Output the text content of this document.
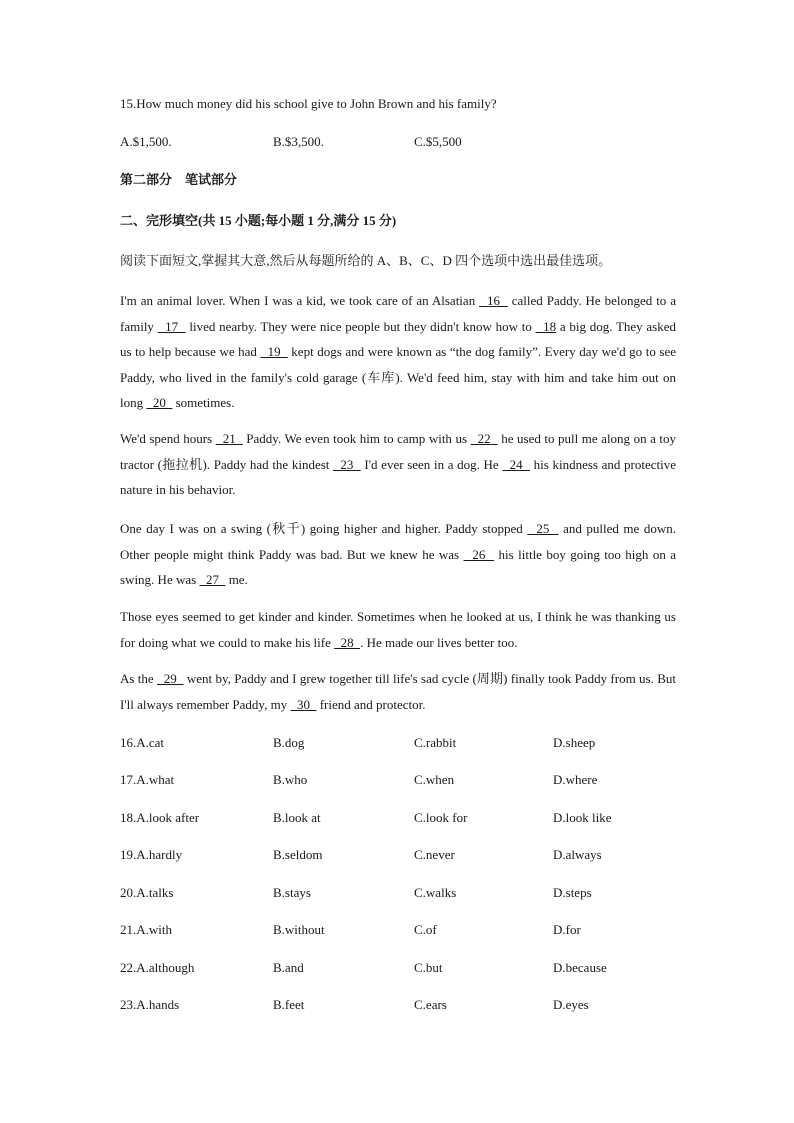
15.How much money did his school give to John Brown and his family?
A.$1,500.	B.$3,500.	C.$5,500
第二部分　笔试部分
二、完形填空(共 15 小题;每小题 1 分,满分 15 分)
阅读下面短文,掌握其大意,然后从每题所给的 A、B、C、D 四个选项中选出最佳选项。
I'm an animal lover. When I was a kid, we took care of an Alsatian   16   called Paddy. He belonged to a family   17   lived nearby. They were nice people but they didn't know how to   18 a big dog. They asked us to help because we had   19   kept dogs and were known as “the dog family”. Every day we'd go to see Paddy, who lived in the family's cold garage (车库). We'd feed him, stay with him and take him out on long   20   sometimes.
We'd spend hours   21   Paddy. We even took him to camp with us   22   he used to pull me along on a toy tractor (拖拉机). Paddy had the kindest   23   I'd ever seen in a dog. He   24   his kindness and protective nature in his behavior.
One day I was on a swing (秋千) going higher and higher. Paddy stopped   25   and pulled me down. Other people might think Paddy was bad. But we knew he was   26   his little boy going too high on a swing. He was   27   me.
Those eyes seemed to get kinder and kinder. Sometimes when he looked at us, I think he was thanking us for doing what we could to make his life   28  . He made our lives better too.
As the   29   went by, Paddy and I grew together till life's sad cycle (周期) finally took Paddy from us. But I'll always remember Paddy, my   30   friend and protector.
16.A.cat	B.dog	C.rabbit	D.sheep
17.A.what	B.who	C.when	D.where
18.A.look after	B.look at	C.look for	D.look like
19.A.hardly	B.seldom	C.never	D.always
20.A.talks	B.stays	C.walks	D.steps
21.A.with	B.without	C.of	D.for
22.A.although	B.and	C.but	D.because
23.A.hands	B.feet	C.ears	D.eyes
